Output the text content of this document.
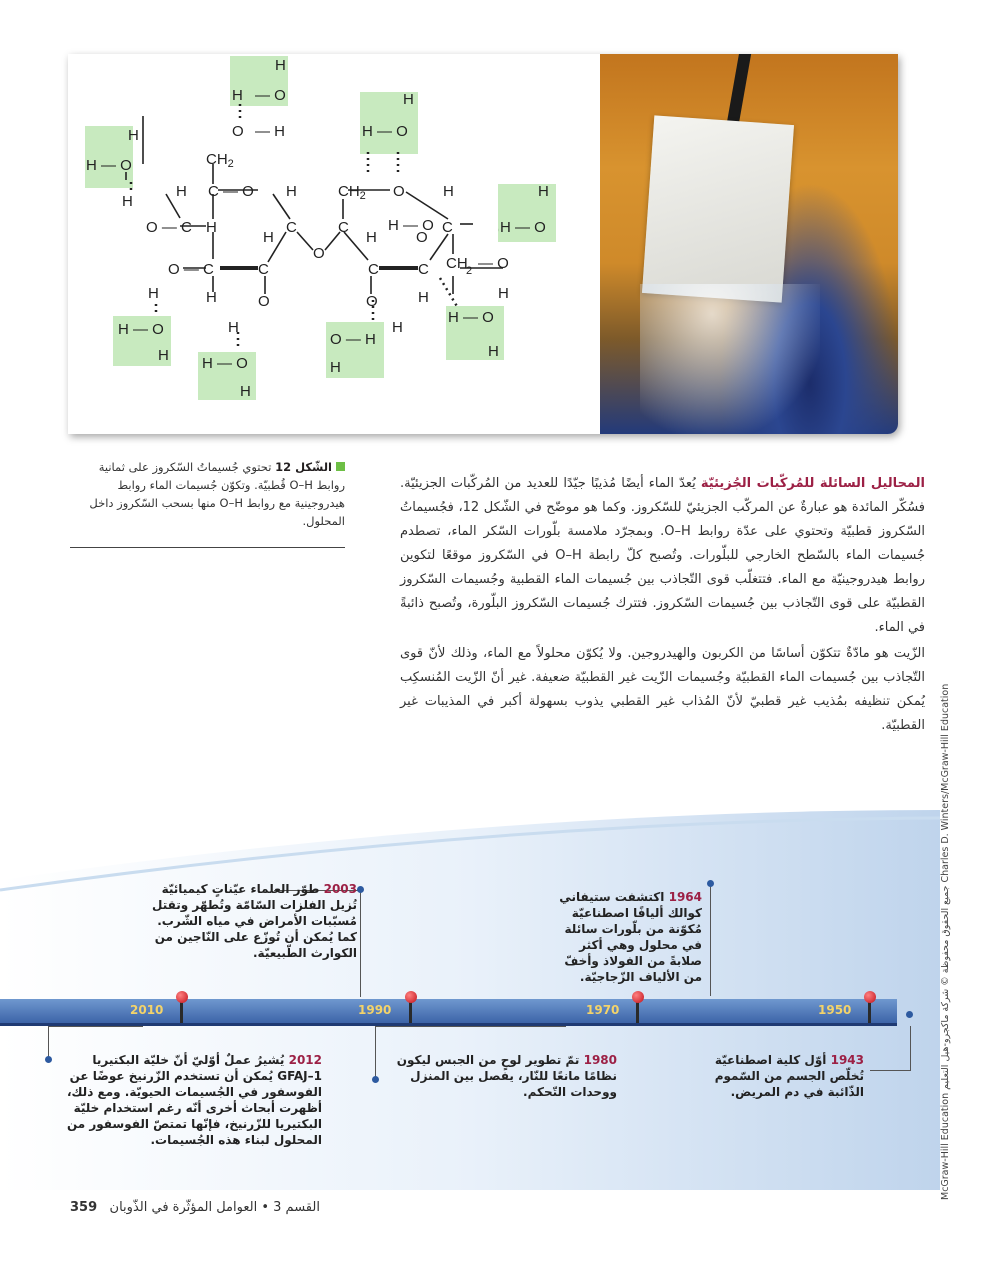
H
H — O
O — H
H
H — O
H
$CH_2$
H C — O H
H
H — O
$CH_2$ O	H
O — C H	C	C	H — O C
H
H — O
H	H	O
O
O — C	C	C	C CH
2 — O
H	H	O	O	H	H
H — O	H	H
H — O
H
O — H
H — O	H
H
H
الشّكل 12 تحتوي جُسيماتُ السّكروز على ثمانية روابط O–H قُطبيّة. وتكوّن جُسيمات الماء روابط هيدروجينية مع روابط O–H منها بسحب السّكروز داخل المحلول.

المحاليل السائلة للمُركّبات الجُزيئيّة يُعدّ الماء أيضًا مُذيبًا جيّدًا للعديد من المُركّبات الجزيئيّة. فسُكّر المائدة هو عبارةٌ عن المركّب الجزيئيّ للسّكروز. وكما هو موضّح في الشّكل 12، فجُسيماتُ السّكروز قطبيّة وتحتوي على عدّة روابط O–H. وبمجرّد ملامسة بلّورات السّكر الماء، تصطدم جُسيمات الماء بالسّطح الخارجي للبلّورات. وتُصبح كلّ رابطة O–H في السّكروز موقعًا لتكوين روابط هيدروجينيّة مع الماء. فتتغلّب قوى التّجاذب بين جُسيمات الماء القطبية وجُسيمات السّكروز القطبيّة على قوى التّجاذب بين جُسيمات السّكروز. فتترك جُسيمات السّكروز البلّورة، وتُصبح ذائبةً في الماء.

الزّيت هو مادّةٌ تتكوّن أساسًا من الكربون والهيدروجين. ولا يُكوّن محلولاً مع الماء، وذلك لأنّ قوى التّجاذب بين جُسيمات الماء القطبيّة وجُسيمات الزّيت غير القطبيّة ضعيفة. غير أنّ الزّيت المُنسكِب يُمكن تنظيفه بمُذيب غير قطبيّ لأنّ المُذاب غير القطبي يذوب بسهولة أكبر في المذيبات غير القطبيّة.

McGraw-Hill Education جميع الحقوق محفوظة © شركة ماكجرو-هيل التعليم Charles D. Winters/McGraw-Hill Education
2010	1990	1970	1950
2003 طوّر العلماء عيّناتٍ كيميائيّة تُزيل الفلزات السّامّة وتُطهّر وتقتل مُسبّبات الأمراض في مياه الشّرب. كما يُمكن أن تُوزّع على النّاجين من الكوارث الطّبيعيّة.
1964 اكتشفت ستيفاني كوالك أليافًا اصطناعيّة مُكوّنة من بلّورات سائلة في محلول وهي أكثر صلابةً من الفولاذ وأخفّ من الألياف الزّجاجيّة.
2012 يُشيرُ عملٌ أوّليّ أنّ خليّة البكتيريا GFAJ–1 يُمكن أن تستخدم الزّرنيخ عوضًا عن الفوسفور في الجُسيمات الحيويّة. ومع ذلك، أظهرت أبحاث أخرى أنّه رغم استخدام خليّة البكتيريا للزّرنيخ، فإنّها تمتصّ الفوسفور من المحلول لبناء هذه الجُسيمات.
1980 تمّ تطوير لوحٍ من الجبس ليكون نظامًا مانعًا للنّار، يفصل بين المنزل ووحدات التّحكم.
1943 أوّل كلية اصطناعيّة تُخلّص الجسم من السّموم الذّائبة في دم المريض.
القسم 3 • العوامل المؤثّرة في الذّوبان   359
